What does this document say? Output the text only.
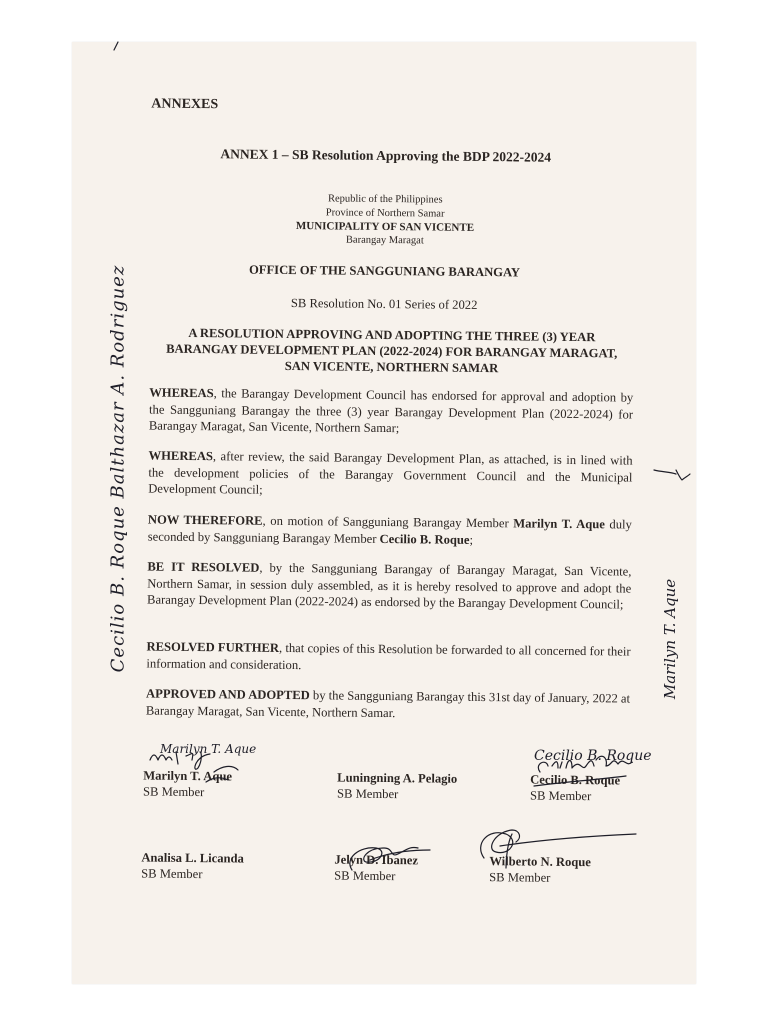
ANNEXES
ANNEX 1 – SB Resolution Approving the BDP 2022-2024
Republic of the Philippines
Province of Northern Samar
MUNICIPALITY OF SAN VICENTE
Barangay Maragat
OFFICE OF THE SANGGUNIANG BARANGAY
SB Resolution No. 01 Series of 2022
A RESOLUTION APPROVING AND ADOPTING THE THREE (3) YEAR BARANGAY DEVELOPMENT PLAN (2022-2024) FOR BARANGAY MARAGAT, SAN VICENTE, NORTHERN SAMAR
WHEREAS, the Barangay Development Council has endorsed for approval and adoption by the Sangguniang Barangay the three (3) year Barangay Development Plan (2022-2024) for Barangay Maragat, San Vicente, Northern Samar;
WHEREAS, after review, the said Barangay Development Plan, as attached, is in lined with the development policies of the Barangay Government Council and the Municipal Development Council;
NOW THEREFORE, on motion of Sangguniang Barangay Member Marilyn T. Aque duly seconded by Sangguniang Barangay Member Cecilio B. Roque;
BE IT RESOLVED, by the Sangguniang Barangay of Barangay Maragat, San Vicente, Northern Samar, in session duly assembled, as it is hereby resolved to approve and adopt the Barangay Development Plan (2022-2024) as endorsed by the Barangay Development Council;
RESOLVED FURTHER, that copies of this Resolution be forwarded to all concerned for their information and consideration.
APPROVED AND ADOPTED by the Sangguniang Barangay this 31st day of January, 2022 at Barangay Maragat, San Vicente, Northern Samar.
Marilyn T. Aque
SB Member
Luningning A. Pelagio
SB Member
Cecilio B. Roque
SB Member
Analisa L. Licanda
SB Member
Jelyn D. Ibanez
SB Member
Wilberto N. Roque
SB Member
Cecilio B. Roque Balthazar A. Rodriguez	Marilyn T. Aque
Marilyn T. Aque	Cecilio B. Roque
